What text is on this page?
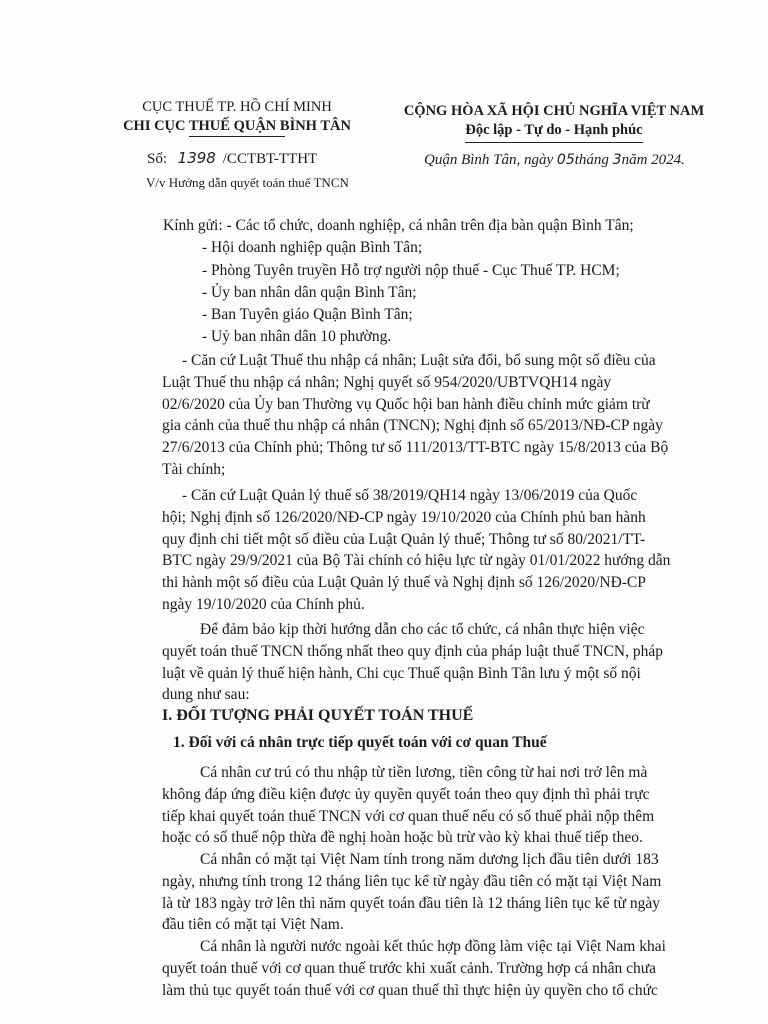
CỤC THUẾ TP. HỒ CHÍ MINH
CHI CỤC THUẾ QUẬN BÌNH TÂN
Số: 1398 /CCTBT-TTHT
V/v Hướng dẫn quyết toán thuế TNCN
CỘNG HÒA XÃ HỘI CHỦ NGHĨA VIỆT NAM
Độc lập - Tự do - Hạnh phúc
Quận Bình Tân, ngày 05tháng 3năm 2024.
Kính gửi: - Các tổ chức, doanh nghiệp, cá nhân trên địa bàn quận Bình Tân;
- Hội doanh nghiệp quận Bình Tân;
- Phòng Tuyên truyền Hỗ trợ người nộp thuế - Cục Thuế TP. HCM;
- Ủy ban nhân dân quận Bình Tân;
- Ban Tuyên giáo Quận Bình Tân;
- Uỷ ban nhân dân 10 phường.

- Căn cứ Luật Thuế thu nhập cá nhân; Luật sửa đổi, bổ sung một số điều của

Luật Thuế thu nhập cá nhân; Nghị quyết số 954/2020/UBTVQH14 ngày

02/6/2020 của Ủy ban Thường vụ Quốc hội ban hành điều chỉnh mức giảm trừ

gia cảnh của thuế thu nhập cá nhân (TNCN); Nghị định số 65/2013/NĐ-CP ngày

27/6/2013 của Chính phủ; Thông tư số 111/2013/TT-BTC ngày 15/8/2013 của Bộ

Tài chính;

- Căn cứ Luật Quản lý thuế số 38/2019/QH14 ngày 13/06/2019 của Quốc

hội; Nghị định số 126/2020/NĐ-CP ngày 19/10/2020 của Chính phủ ban hành

quy định chi tiết một số điều của Luật Quản lý thuế; Thông tư số 80/2021/TT-

BTC ngày 29/9/2021 của Bộ Tài chính có hiệu lực từ ngày 01/01/2022 hướng dẫn

thi hành một số điều của Luật Quản lý thuế và Nghị định số 126/2020/NĐ-CP

ngày 19/10/2020 của Chính phủ.

Để đảm bảo kịp thời hướng dẫn cho các tổ chức, cá nhân thực hiện việc

quyết toán thuế TNCN thống nhất theo quy định của pháp luật thuế TNCN, pháp

luật về quản lý thuế hiện hành, Chi cục Thuế quận Bình Tân lưu ý một số nội

dung như sau:

I. ĐỐI TƯỢNG PHẢI QUYẾT TOÁN THUẾ
1. Đối với cá nhân trực tiếp quyết toán với cơ quan Thuế

Cá nhân cư trú có thu nhập từ tiền lương, tiền công từ hai nơi trở lên mà

không đáp ứng điều kiện được ủy quyền quyết toán theo quy định thì phải trực

tiếp khai quyết toán thuế TNCN với cơ quan thuế nếu có số thuế phải nộp thêm

hoặc có số thuế nộp thừa đề nghị hoàn hoặc bù trừ vào kỳ khai thuế tiếp theo.

Cá nhân có mặt tại Việt Nam tính trong năm dương lịch đầu tiên dưới 183

ngày, nhưng tính trong 12 tháng liên tục kể từ ngày đầu tiên có mặt tại Việt Nam

là từ 183 ngày trở lên thì năm quyết toán đầu tiên là 12 tháng liên tục kể từ ngày

đầu tiên có mặt tại Việt Nam.

Cá nhân là người nước ngoài kết thúc hợp đồng làm việc tại Việt Nam khai

quyết toán thuế với cơ quan thuế trước khi xuất cảnh. Trường hợp cá nhân chưa

làm thủ tục quyết toán thuế với cơ quan thuế thì thực hiện ủy quyền cho tổ chức
